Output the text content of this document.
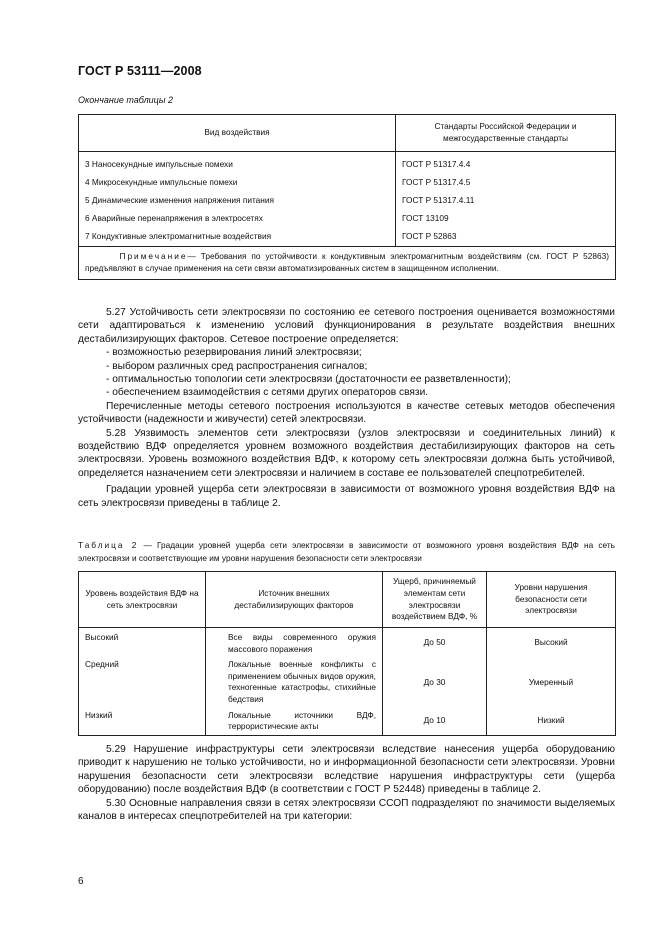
ГОСТ Р 53111—2008
Окончание таблицы 2
Вид воздействия	Стандарты Российской Федерации и межгосударственные стандарты
3 Наносекундные импульсные помехи	ГОСТ Р 51317.4.4
4 Микросекундные импульсные помехи	ГОСТ Р 51317.4.5
5 Динамические изменения напряжения питания	ГОСТ Р 51317.4.11
6 Аварийные перенапряжения в электросетях	ГОСТ 13109
7 Кондуктивные электромагнитные воздействия	ГОСТ Р 52863
Примечание— Требования по устойчивости к кондуктивным электромагнитным воздействиям (см. ГОСТ Р 52863) предъявляют в случае применения на сети связи автоматизированных систем в защищенном исполнении.	

5.27 Устойчивость сети электросвязи по состоянию ее сетевого построения оценивается возможностями сети адаптироваться к изменению условий функционирования в результате воздействия внешних дестабилизирующих факторов. Сетевое построение определяется:

- возможностью резервирования линий электросвязи;

- выбором различных сред распространения сигналов;

- оптимальностью топологии сети электросвязи (достаточности ее разветвленности);

- обеспечением взаимодействия с сетями других операторов связи.

Перечисленные методы сетевого построения используются в качестве сетевых методов обеспечения устойчивости (надежности и живучести) сетей электросвязи.

5.28 Уязвимость элементов сети электросвязи (узлов электросвязи и соединительных линий) к воздействию ВДФ определяется уровнем возможного воздействия дестабилизирующих факторов на сеть электросвязи. Уровень возможного воздействия ВДФ, к которому сеть электросвязи должна быть устойчивой, определяется назначением сети электросвязи и наличием в составе ее пользователей спецпотребителей.

Градации уровней ущерба сети электросвязи в зависимости от возможного уровня воздействия ВДФ на сеть электросвязи приведены в таблице 2.

Таблица 2 — Градации уровней ущерба сети электросвязи в зависимости от возможного уровня воздействия ВДФ на сеть электросвязи и соответствующие им уровни нарушения безопасности сети электросвязи
Уровень воздействия ВДФ на сеть электросвязи	Источник внешних дестабилизирующих факторов	Ущерб, причиняемый элементам сети электросвязи воздействием ВДФ, %	Уровни нарушения безопасности сети электросвязи
Высокий	Все виды современного оружия массового поражения	До 50	Высокий
Средний	Локальные военные конфликты с применением обычных видов оружия, техногенные катастрофы, стихийные бедствия	До 30	Умеренный
Низкий	Локальные источники ВДФ, террористические акты	До 10	Низкий

5.29 Нарушение инфраструктуры сети электросвязи вследствие нанесения ущерба оборудованию приводит к нарушению не только устойчивости, но и информационной безопасности сети электросвязи. Уровни нарушения безопасности сети электросвязи вследствие нарушения инфраструктуры сети (ущерба оборудованию) после воздействия ВДФ (в соответствии с ГОСТ Р 52448) приведены в таблице 2.

5.30 Основные направления связи в сетях электросвязи ССОП подразделяют по значимости выделяемых каналов в интересах спецпотребителей на три категории:

6
